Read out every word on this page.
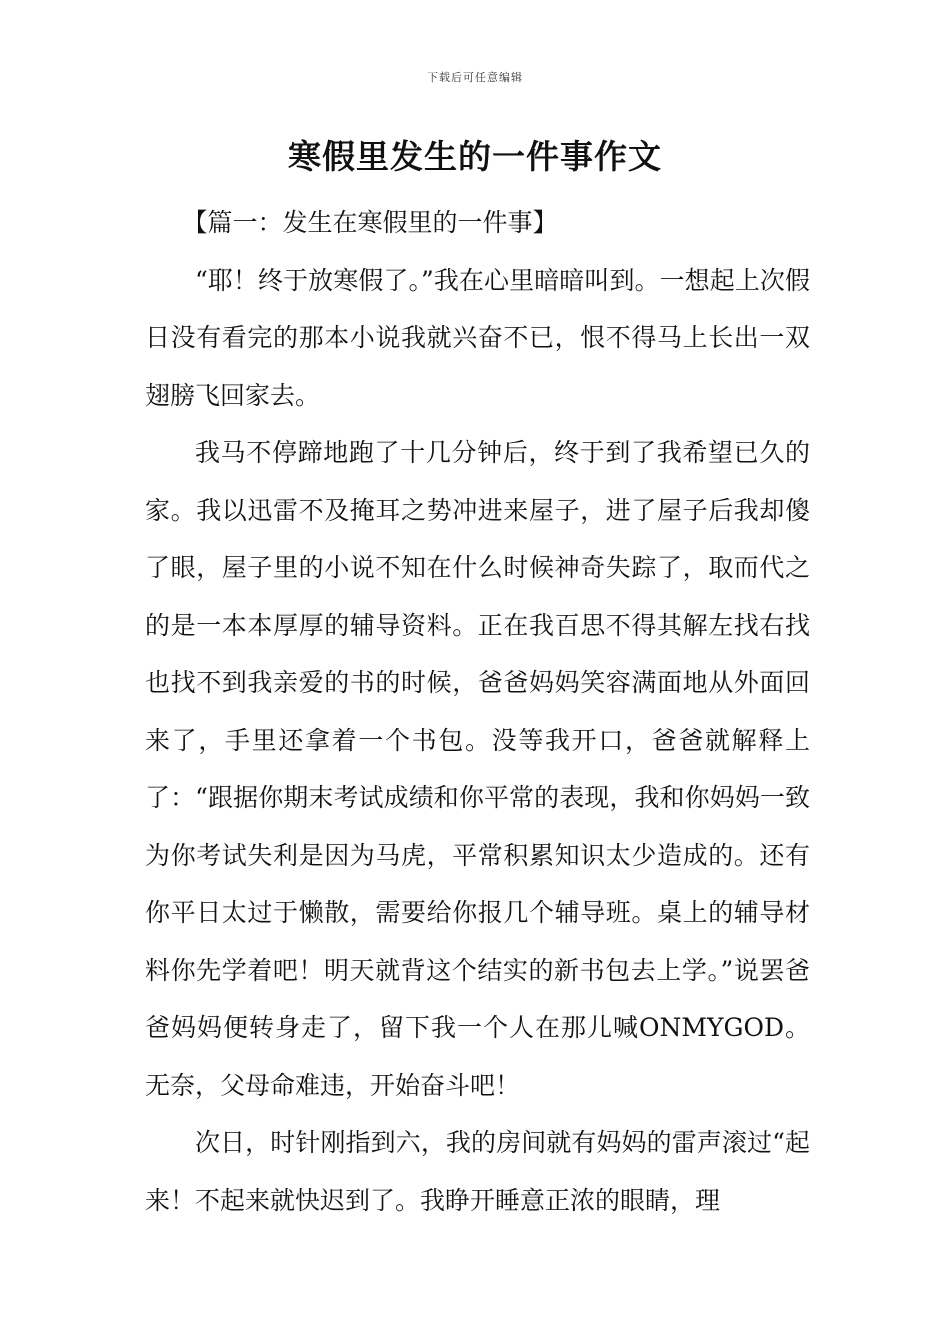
下载后可任意编辑
寒假里发生的一件事作文

【篇一：发生在寒假里的一件事】

“耶！终于放寒假了。”我在心里暗暗叫到。一想起上次假日没有看完的那本小说我就兴奋不已，恨不得马上长出一双翅膀飞回家去。

我马不停蹄地跑了十几分钟后，终于到了我希望已久的家。我以迅雷不及掩耳之势冲进来屋子，进了屋子后我却傻了眼，屋子里的小说不知在什么时候神奇失踪了，取而代之的是一本本厚厚的辅导资料。正在我百思不得其解左找右找也找不到我亲爱的书的时候，爸爸妈妈笑容满面地从外面回来了，手里还拿着一个书包。没等我开口，爸爸就解释上了：“跟据你期末考试成绩和你平常的表现，我和你妈妈一致为你考试失利是因为马虎，平常积累知识太少造成的。还有你平日太过于懒散，需要给你报几个辅导班。桌上的辅导材料你先学着吧！明天就背这个结实的新书包去上学。”说罢爸爸妈妈便转身走了，留下我一个人在那儿喊ONMYGOD。无奈，父母命难违，开始奋斗吧！

次日，时针刚指到六，我的房间就有妈妈的雷声滚过“起来！不起来就快迟到了。我睁开睡意正浓的眼睛，理
